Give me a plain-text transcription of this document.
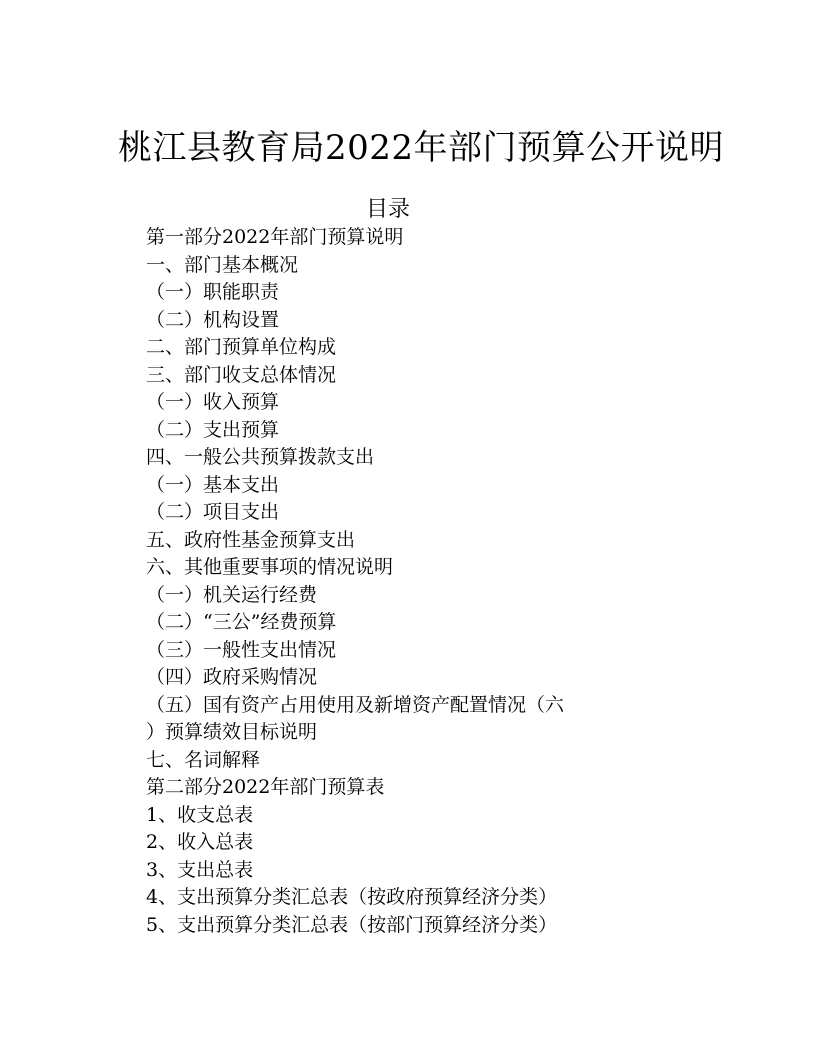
桃江县教育局2022年部门预算公开说明
目录
第一部分2022年部门预算说明
一、部门基本概况
（一）职能职责
（二）机构设置
二、部门预算单位构成
三、部门收支总体情况
（一）收入预算
（二）支出预算
四、一般公共预算拨款支出
（一）基本支出
（二）项目支出
五、政府性基金预算支出
六、其他重要事项的情况说明
（一）机关运行经费
（二）“三公”经费预算
（三）一般性支出情况
（四）政府采购情况
（五）国有资产占用使用及新增资产配置情况（六
）预算绩效目标说明
七、名词解释
第二部分2022年部门预算表
1、收支总表
2、收入总表
3、支出总表
4、支出预算分类汇总表（按政府预算经济分类）
5、支出预算分类汇总表（按部门预算经济分类）
